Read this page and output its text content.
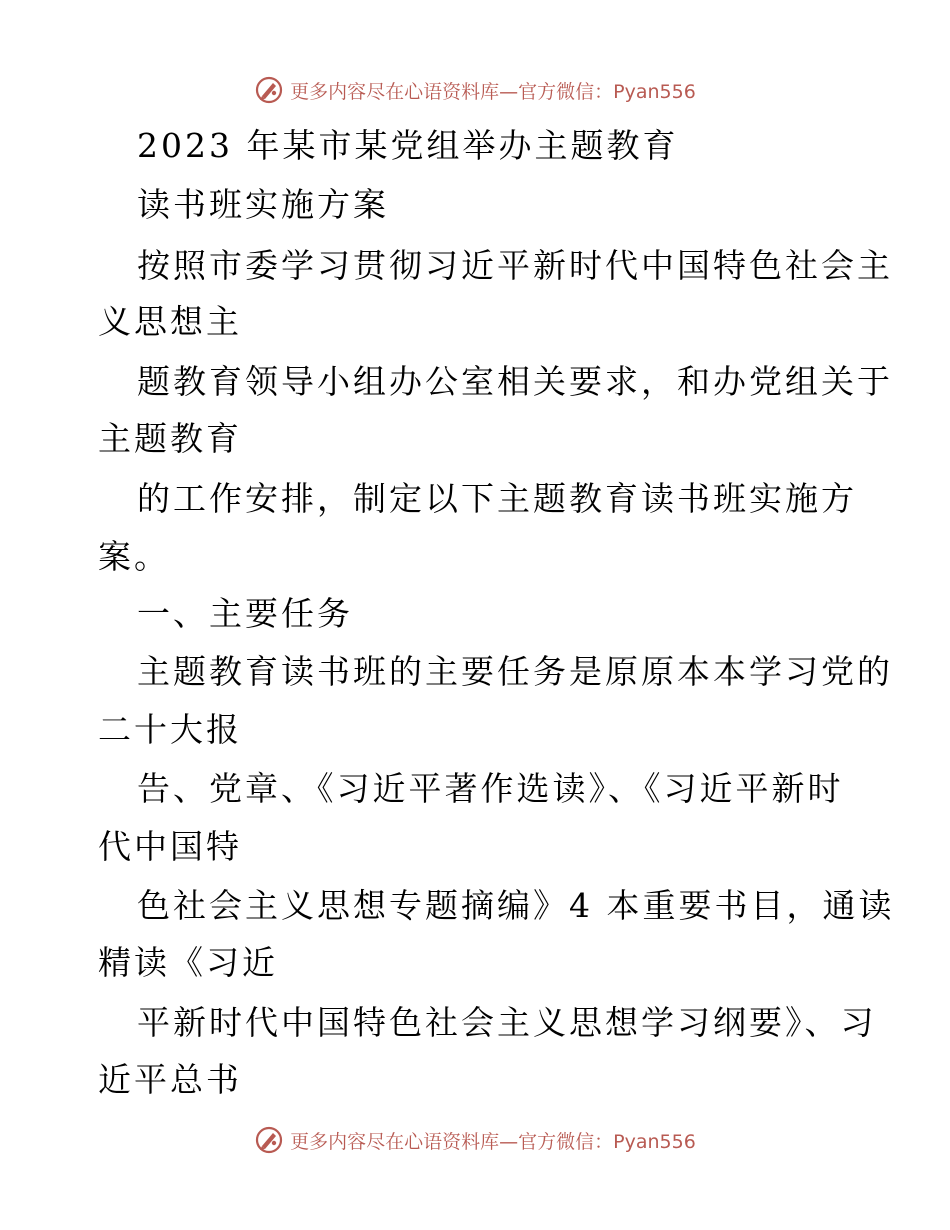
更多内容尽在心语资料库—官方微信：Pyan556
2023 年某市某党组举办主题教育
读书班实施方案
按照市委学习贯彻习近平新时代中国特色社会主
义思想主
题教育领导小组办公室相关要求，和办党组关于
主题教育
的工作安排，制定以下主题教育读书班实施方
案。
一、主要任务
主题教育读书班的主要任务是原原本本学习党的
二十大报
告、党章、《习近平著作选读》、《习近平新时
代中国特
色社会主义思想专题摘编》4 本重要书目，通读
精读《习近
平新时代中国特色社会主义思想学习纲要》、习
近平总书
更多内容尽在心语资料库—官方微信：Pyan556
